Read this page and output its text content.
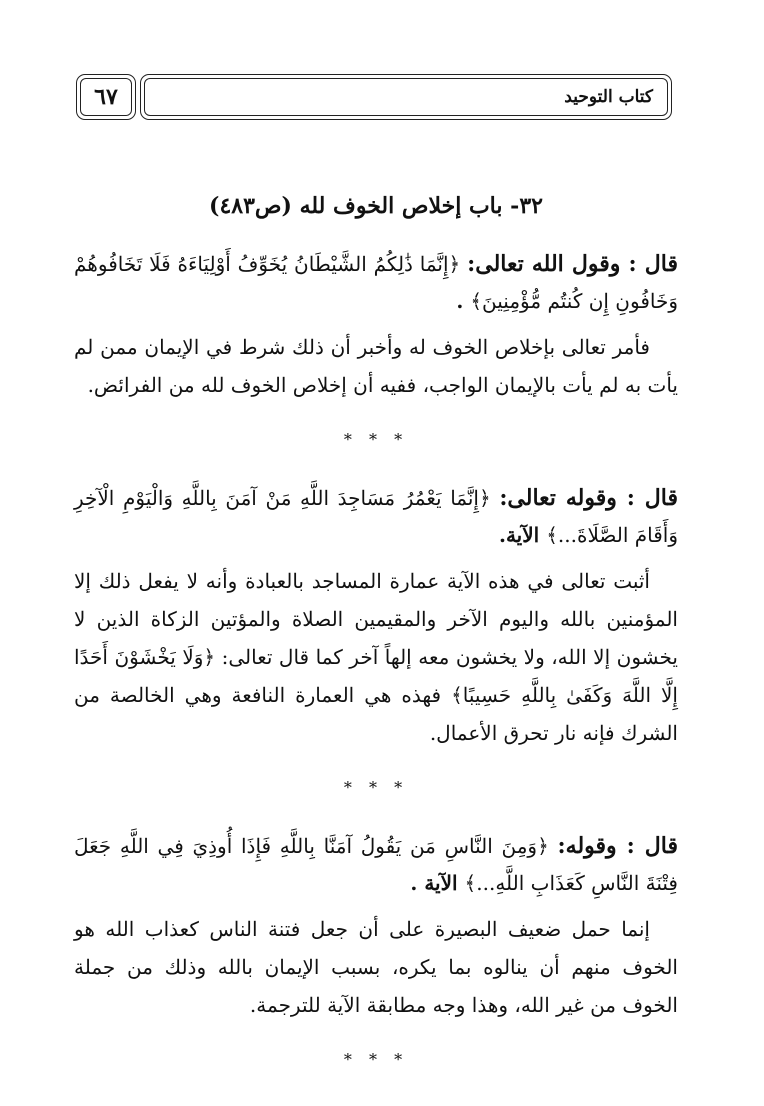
٦٧	كتاب التوحيد
٣٢- باب إخلاص الخوف لله (ص٤٨٣)

قال : وقول الله تعالى: ﴿إِنَّمَا ذَٰلِكُمُ الشَّيْطَانُ يُخَوِّفُ أَوْلِيَاءَهُ فَلَا تَخَافُوهُمْ وَخَافُونِ إِن كُنتُم مُّؤْمِنِينَ﴾ .

فأمر تعالى بإخلاص الخوف له وأخبر أن ذلك شرط في الإيمان ممن لم يأت به لم يأت بالإيمان الواجب، ففيه أن إخلاص الخوف لله من الفرائض.

* * *

قال : وقوله تعالى: ﴿إِنَّمَا يَعْمُرُ مَسَاجِدَ اللَّهِ مَنْ آمَنَ بِاللَّهِ وَالْيَوْمِ الْآخِرِ وَأَقَامَ الصَّلَاةَ...﴾ الآية.

أثبت تعالى في هذه الآية عمارة المساجد بالعبادة وأنه لا يفعل ذلك إلا المؤمنين بالله واليوم الآخر والمقيمين الصلاة والمؤتين الزكاة الذين لا يخشون إلا الله، ولا يخشون معه إلهاً آخر كما قال تعالى: ﴿وَلَا يَخْشَوْنَ أَحَدًا إِلَّا اللَّهَ وَكَفَىٰ بِاللَّهِ حَسِيبًا﴾ فهذه هي العمارة النافعة وهي الخالصة من الشرك فإنه نار تحرق الأعمال.

* * *

قال : وقوله: ﴿وَمِنَ النَّاسِ مَن يَقُولُ آمَنَّا بِاللَّهِ فَإِذَا أُوذِيَ فِي اللَّهِ جَعَلَ فِتْنَةَ النَّاسِ كَعَذَابِ اللَّهِ...﴾ الآية .

إنما حمل ضعيف البصيرة على أن جعل فتنة الناس كعذاب الله هو الخوف منهم أن ينالوه بما يكره، بسبب الإيمان بالله وذلك من جملة الخوف من غير الله، وهذا وجه مطابقة الآية للترجمة.

* * *
